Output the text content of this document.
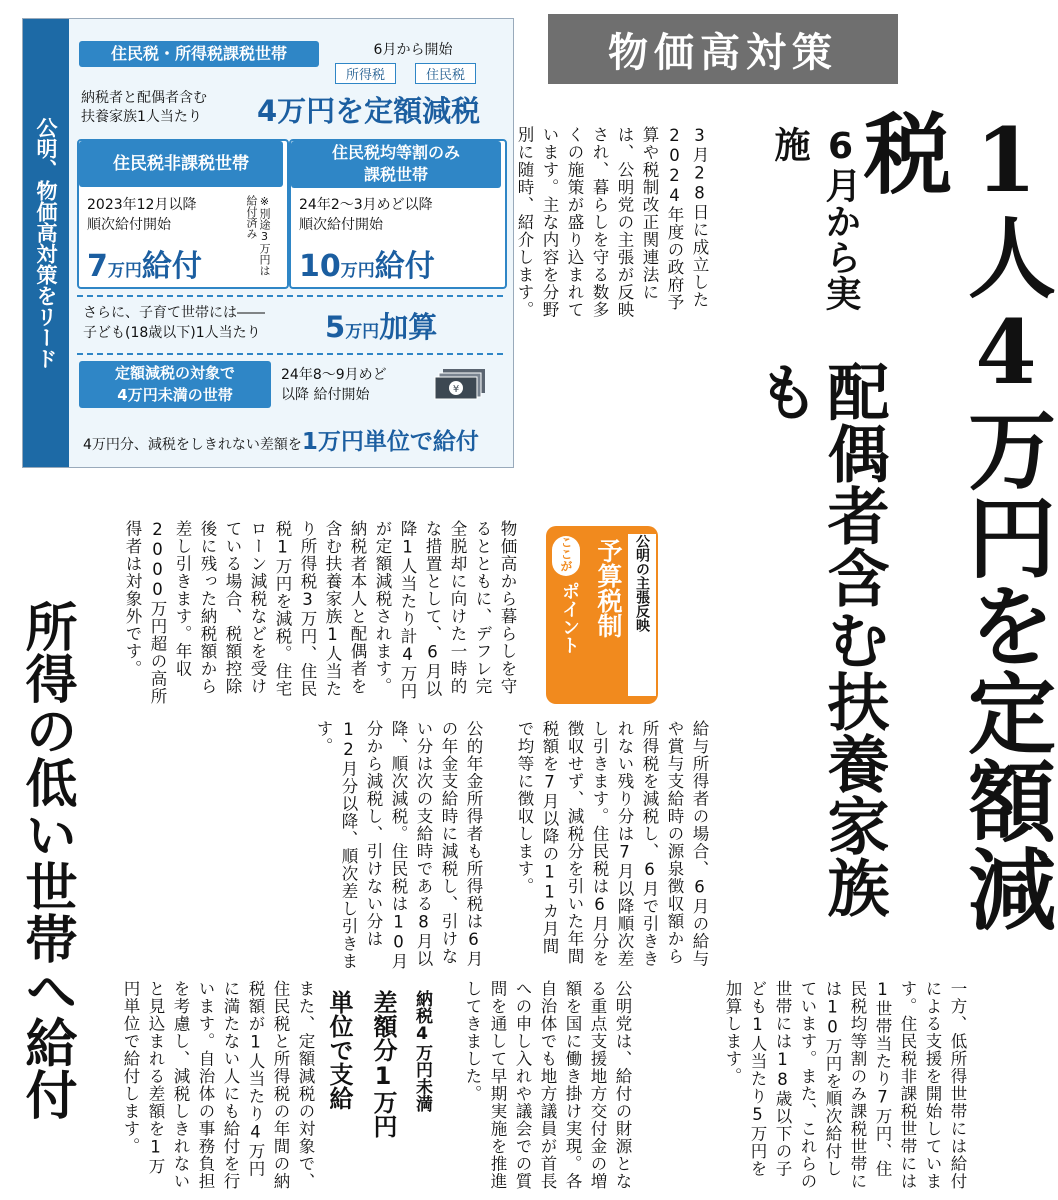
公明、物価高対策をリード
住民税・所得税課税世帯	6月から開始
所得税	住民税
納税者と配偶者含む
扶養家族1人当たり 4万円を定額減税
住民税非課税世帯
2023年12月以降
順次給付開始
7万円給付	※別途3万円は給付済み
住民税均等割のみ
課税世帯
24年2～3月めど以降
順次給付開始
10万円給付
さらに、子育て世帯には――
子ども(18歳以下)1人当たり 5万円加算
定額減税の対象で
4万円未満の世帯
24年8～9月めど
以降 給付開始	¥
4万円分、減税をしきれない差額を1万円単位で給付
物価高対策
1人4万円を定額減税
6月から実施
配偶者含む扶養家族も
3月28日に成立した2024年度の政府予算や税制改正関連法には、公明党の主張が反映され、暮らしを守る数多くの施策が盛り込まれています。主な内容を分野別に随時、紹介します。
公明の主張反映
予算税制
ここが
ポイント
所得の低い世帯へ給付	給与所得者の場合、6月の給与や賞与支給時の源泉徴収額から所得税を減税し、6月で引ききれない残り分は7月以降順次差し引きます。住民税は6月分を徴収せず、減税分を引いた年間税額を7月以降の11カ月間で均等に徴収します。
物価高から暮らしを守るとともに、デフレ完全脱却に向けた一時的な措置として、6月以降1人当たり計4万円が定額減税されます。納税者本人と配偶者を含む扶養家族1人当たり所得税3万円、住民税1万円を減税。住宅ローン減税などを受けている場合、税額控除後に残った納税額から差し引きます。年収2000万円超の高所得者は対象外です。
公的年金所得者も所得税は6月の年金支給時に減税し、引けない分は次の支給時である8月以降、順次減税。住民税は10月分から減税し、引けない分は12月分以降、順次差し引きます。
一方、低所得世帯には給付による支援を開始しています。住民税非課税世帯には1世帯当たり7万円、住民税均等割のみ課税世帯には10万円を順次給付しています。また、これらの世帯には18歳以下の子ども1人当たり5万円を加算します。
公明党は、給付の財源となる重点支援地方交付金の増額を国に働き掛け実現。各自治体でも地方議員が首長への申し入れや議会での質問を通して早期実施を推進してきました。
納税4万円未満
差額分1万円
単位で支給
また、定額減税の対象で、住民税と所得税の年間の納税額が1人当たり4万円に満たない人にも給付を行います。自治体の事務負担を考慮し、減税しきれないと見込まれる差額を1万円単位で給付します。
